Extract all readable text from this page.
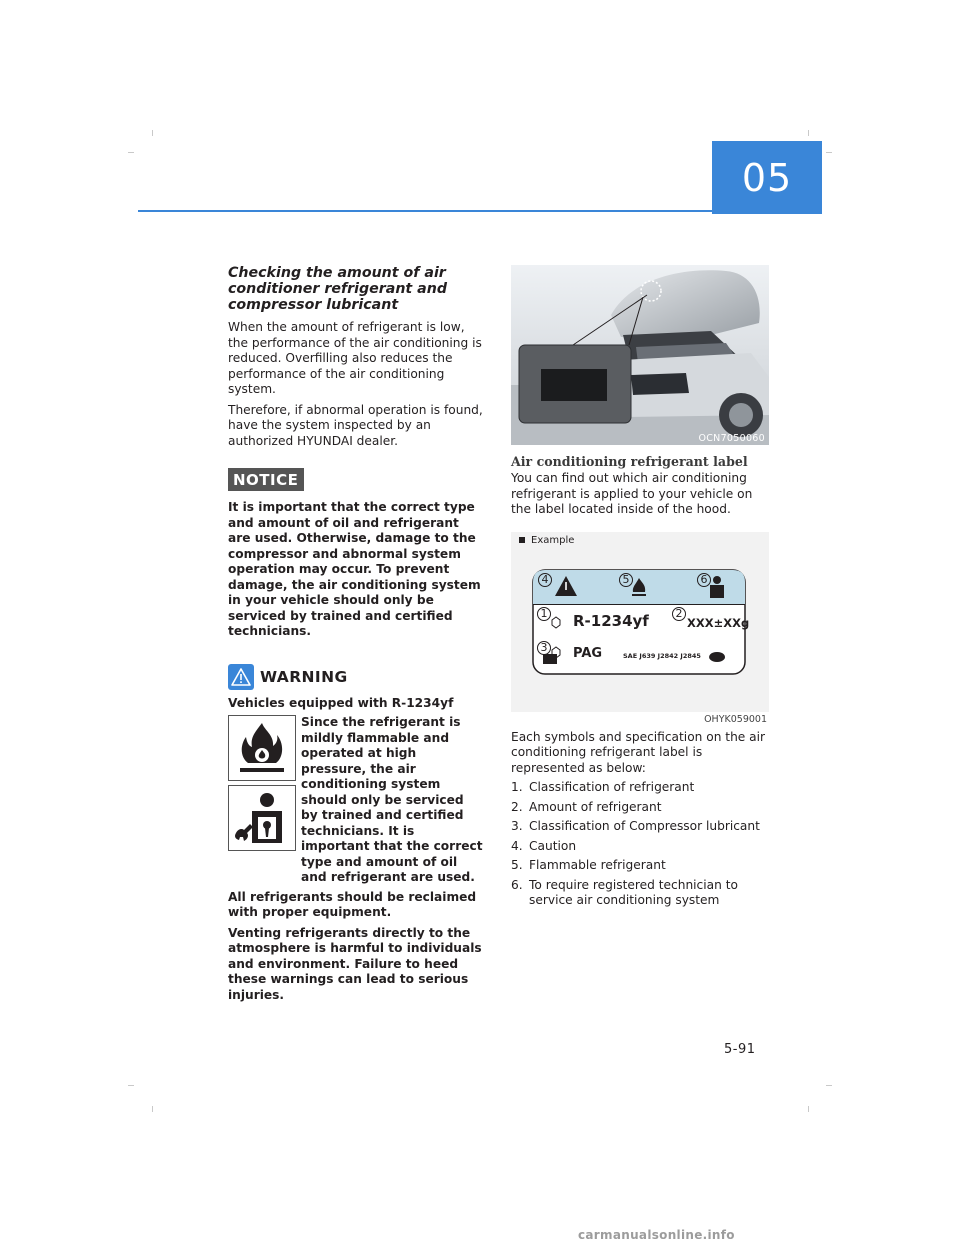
05
Checking the amount of air conditioner refrigerant and compressor lubricant

When the amount of refrigerant is low, the performance of the air conditioning is reduced. Overfilling also reduces the performance of the air conditioning system.

Therefore, if abnormal operation is found, have the system inspected by an authorized HYUNDAI dealer.

NOTICE

It is important that the correct type and amount of oil and refrigerant are used. Otherwise, damage to the compressor and abnormal system operation may occur. To prevent damage, the air conditioning system in your vehicle should only be serviced by trained and certified technicians.

WARNING

Vehicles equipped with R-1234yf

Since the refrigerant is mildly flammable and operated at high pressure, the air conditioning system should only be serviced by trained and certified technicians. It is important that the correct type and amount of oil and refrigerant are used.

All refrigerants should be reclaimed with proper equipment.

Venting refrigerants directly to the atmosphere is harmful to individuals and environment. Failure to heed these warnings can lead to serious injuries.

OCN7050060
Air conditioning refrigerant label

You can find out which air conditioning refrigerant is applied to your vehicle on the label located inside of the hood.

Example
4	5	6
1	2
3
R-1234yf	XXX±XXg
PAG	SAE J639 J2842 J2845
OHYK059001

Each symbols and specification on the air conditioning refrigerant label is represented as below:

1. Classification of refrigerant
2. Amount of refrigerant
3. Classification of Compressor lubricant
4. Caution
5. Flammable refrigerant
6. To require registered technician to service air conditioning system
5-91
carmanualsonline.info
